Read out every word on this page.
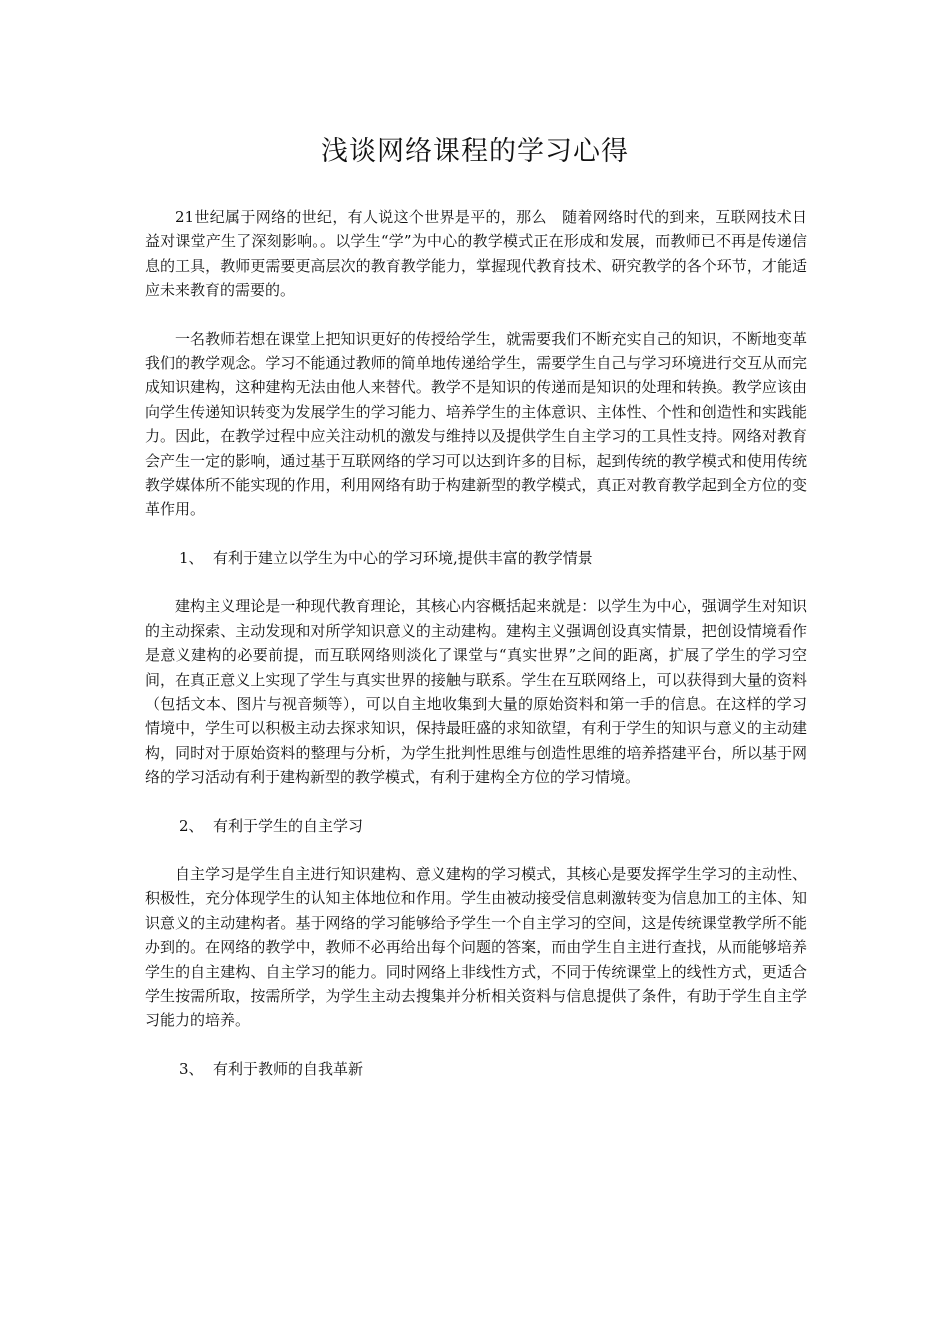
浅谈网络课程的学习心得

21世纪属于网络的世纪，有人说这个世界是平的，那么　随着网络时代的到来，互联网技术日益对课堂产生了深刻影响。。以学生“学”为中心的教学模式正在形成和发展，而教师已不再是传递信息的工具，教师更需要更高层次的教育教学能力，掌握现代教育技术、研究教学的各个环节，才能适应未来教育的需要的。

一名教师若想在课堂上把知识更好的传授给学生，就需要我们不断充实自己的知识，不断地变革我们的教学观念。学习不能通过教师的简单地传递给学生，需要学生自己与学习环境进行交互从而完成知识建构，这种建构无法由他人来替代。教学不是知识的传递而是知识的处理和转换。教学应该由向学生传递知识转变为发展学生的学习能力、培养学生的主体意识、主体性、个性和创造性和实践能力。因此，在教学过程中应关注动机的激发与维持以及提供学生自主学习的工具性支持。网络对教育会产生一定的影响，通过基于互联网络的学习可以达到许多的目标，起到传统的教学模式和使用传统教学媒体所不能实现的作用，利用网络有助于构建新型的教学模式，真正对教育教学起到全方位的变革作用。

1、 有利于建立以学生为中心的学习环境,提供丰富的教学情景

建构主义理论是一种现代教育理论，其核心内容概括起来就是：以学生为中心，强调学生对知识的主动探索、主动发现和对所学知识意义的主动建构。建构主义强调创设真实情景，把创设情境看作是意义建构的必要前提，而互联网络则淡化了课堂与“真实世界”之间的距离，扩展了学生的学习空间，在真正意义上实现了学生与真实世界的接触与联系。学生在互联网络上，可以获得到大量的资料（包括文本、图片与视音频等），可以自主地收集到大量的原始资料和第一手的信息。在这样的学习情境中，学生可以积极主动去探求知识，保持最旺盛的求知欲望，有利于学生的知识与意义的主动建构，同时对于原始资料的整理与分析，为学生批判性思维与创造性思维的培养搭建平台，所以基于网络的学习活动有利于建构新型的教学模式，有利于建构全方位的学习情境。

2、 有利于学生的自主学习

自主学习是学生自主进行知识建构、意义建构的学习模式，其核心是要发挥学生学习的主动性、积极性，充分体现学生的认知主体地位和作用。学生由被动接受信息刺激转变为信息加工的主体、知识意义的主动建构者。基于网络的学习能够给予学生一个自主学习的空间，这是传统课堂教学所不能办到的。在网络的教学中，教师不必再给出每个问题的答案，而由学生自主进行查找，从而能够培养学生的自主建构、自主学习的能力。同时网络上非线性方式，不同于传统课堂上的线性方式，更适合学生按需所取，按需所学，为学生主动去搜集并分析相关资料与信息提供了条件，有助于学生自主学习能力的培养。

3、 有利于教师的自我革新
